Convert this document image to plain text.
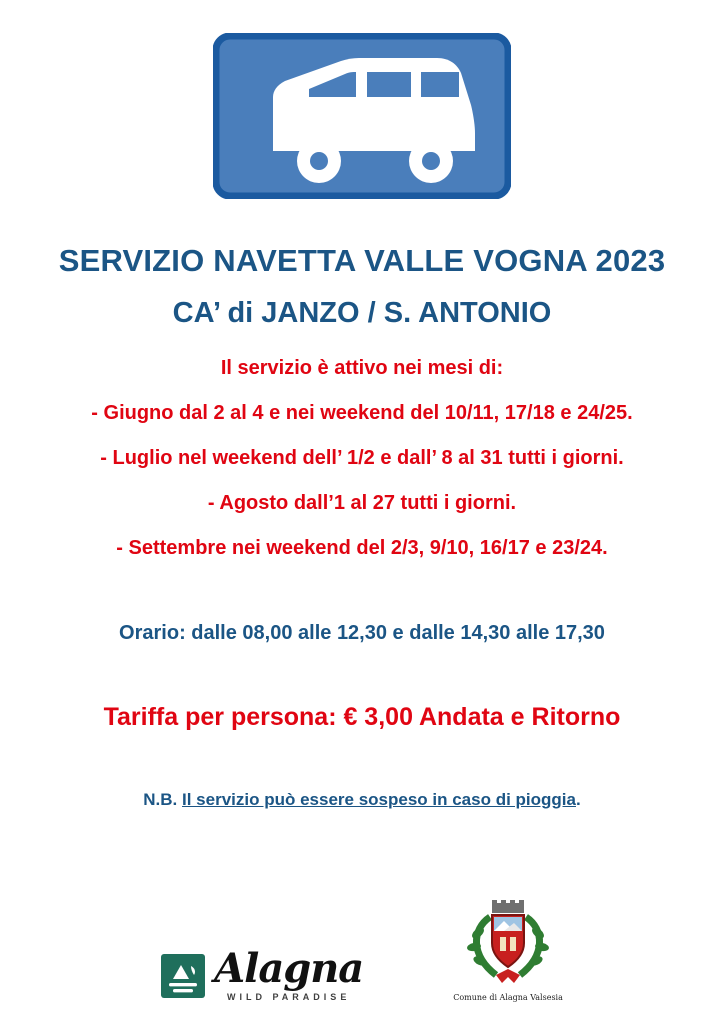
SERVIZIO NAVETTA VALLE VOGNA 2023
CA’ di JANZO / S. ANTONIO
Il servizio è attivo nei mesi di:
- Giugno dal 2 al 4 e nei weekend del 10/11, 17/18 e 24/25.
- Luglio nel weekend dell’ 1/2 e dall’ 8 al 31 tutti i giorni.
- Agosto dall’1 al 27 tutti i giorni.
- Settembre nei weekend del 2/3, 9/10, 16/17 e 23/24.
Orario: dalle 08,00 alle 12,30 e dalle 14,30 alle 17,30
Tariffa per persona: € 3,00 Andata e Ritorno
N.B. Il servizio può essere sospeso in caso di pioggia.
Alagna
WILD PARADISE	Comune di Alagna Valsesia
